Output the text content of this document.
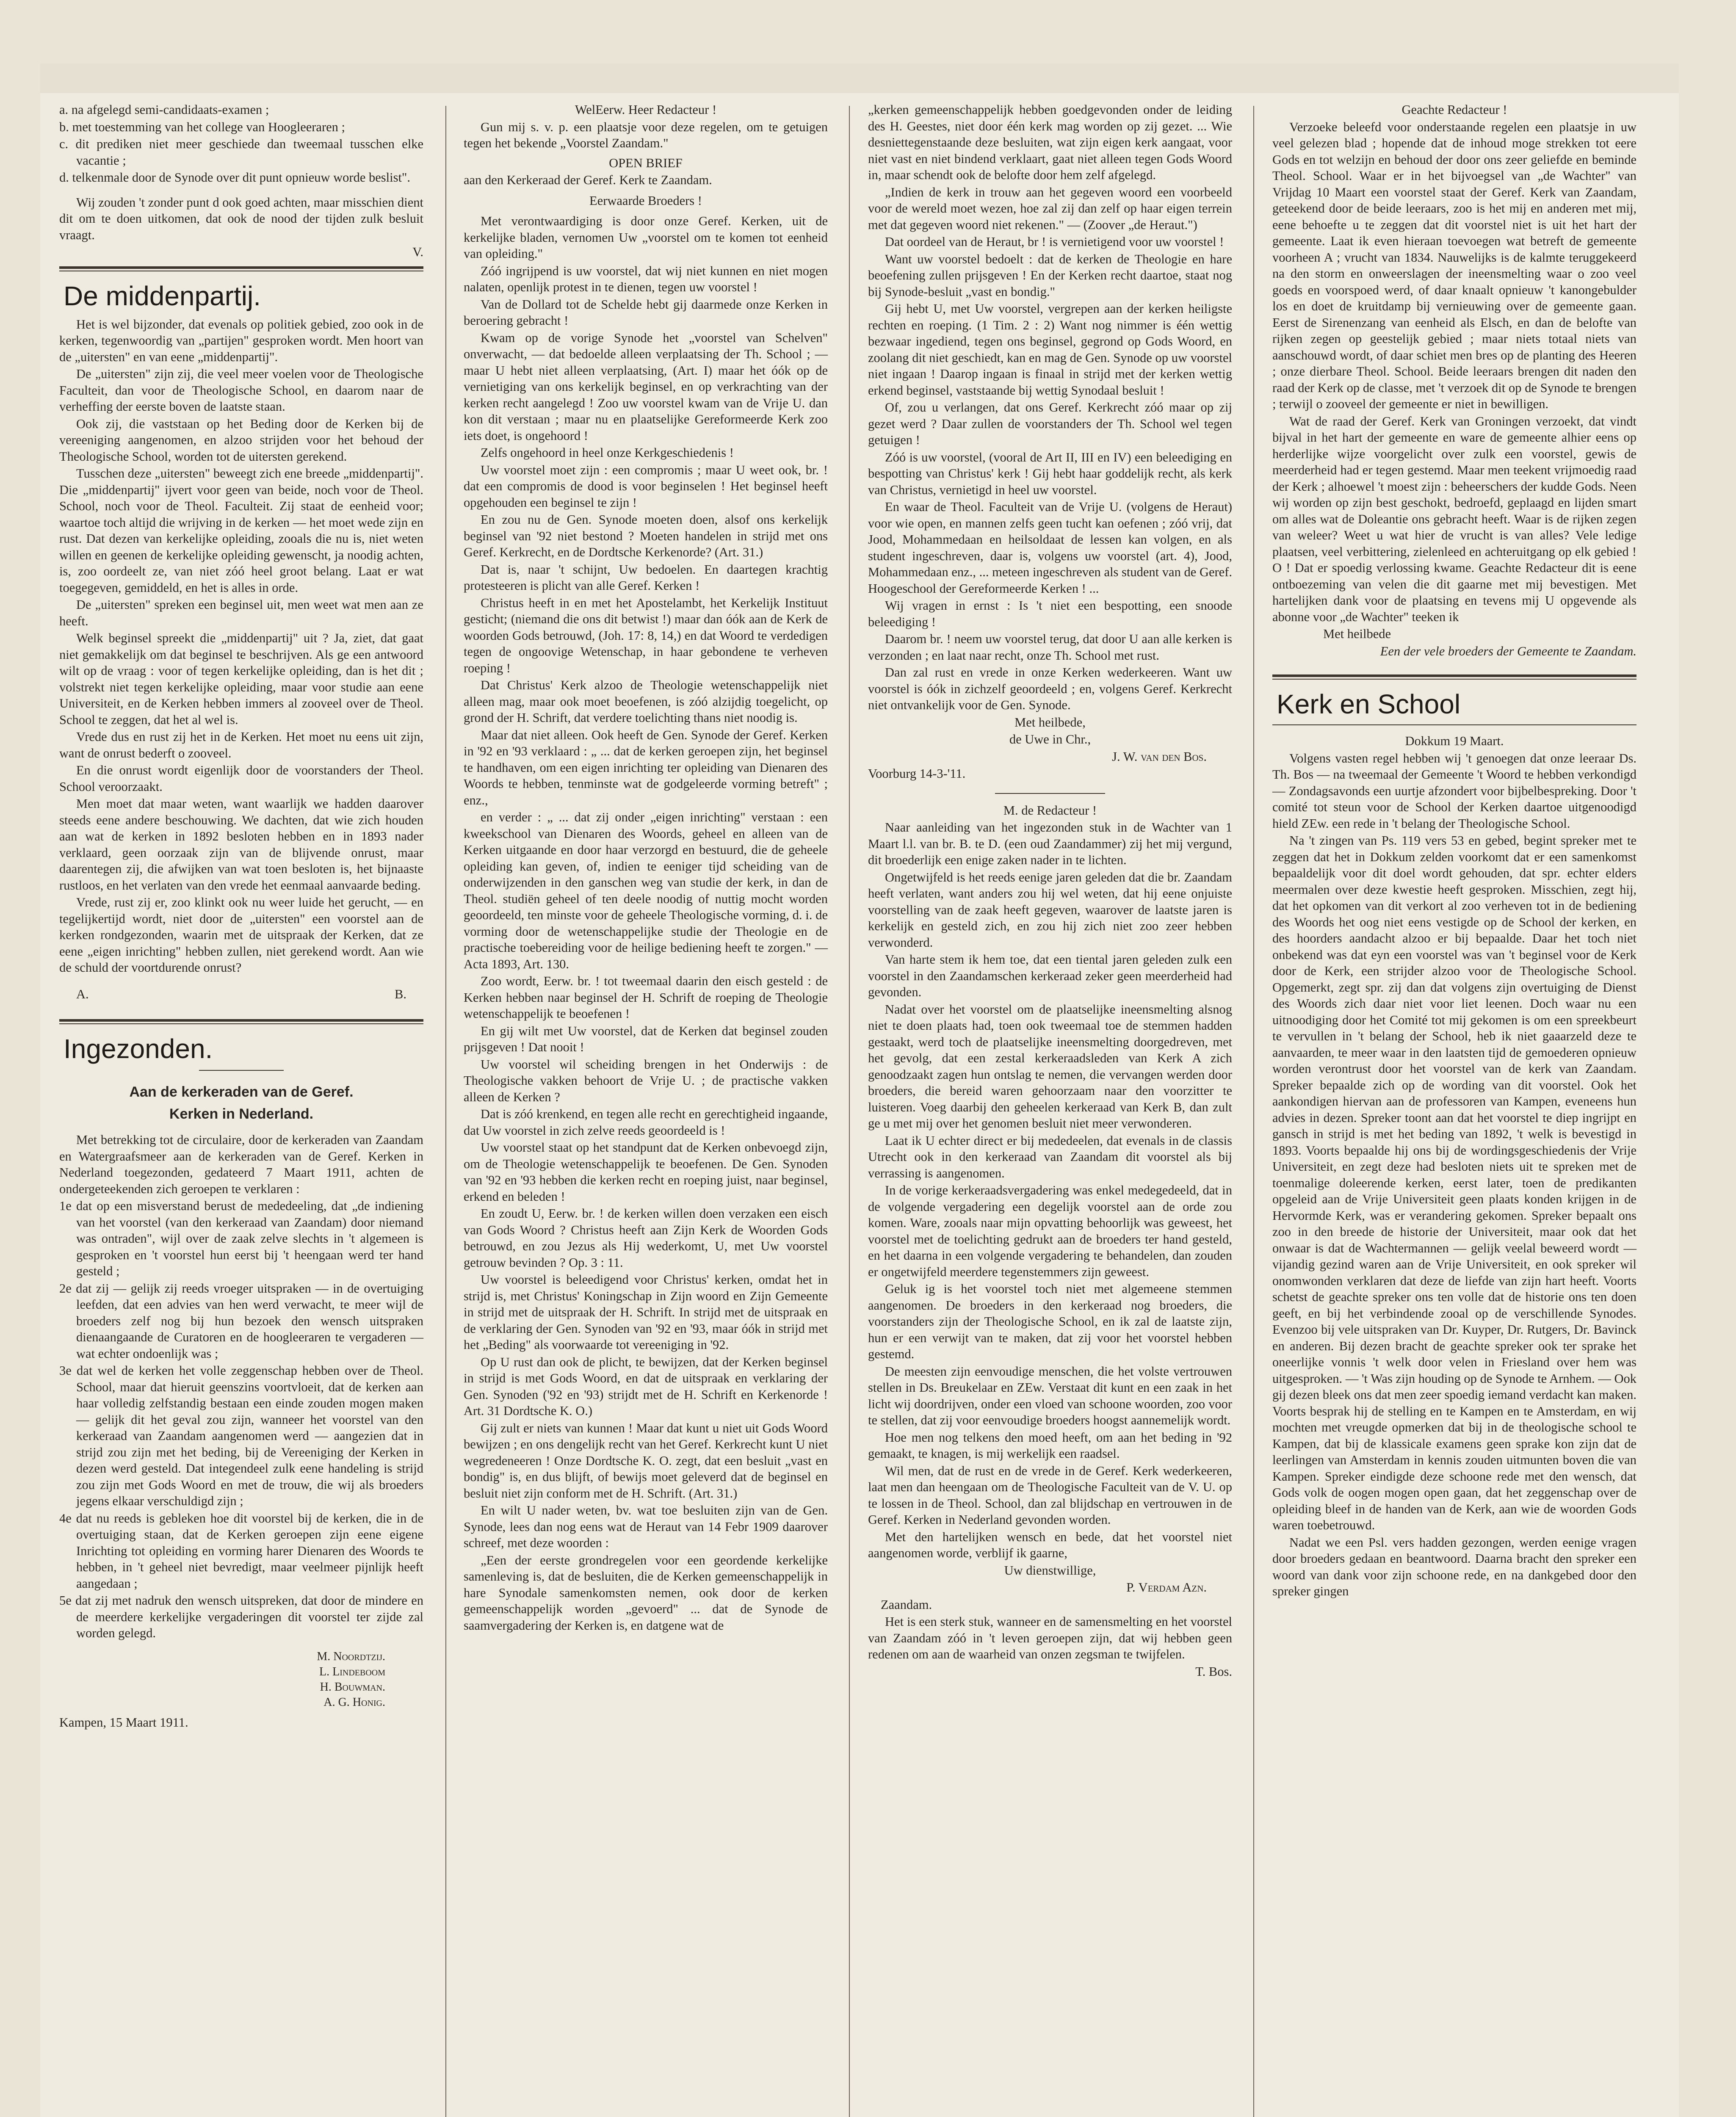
a. na afgelegd semi-candidaats-examen ;

b. met toestemming van het college van Hoogleeraren ;

c. dit prediken niet meer geschiede dan tweemaal tusschen elke vacantie ;

d. telkenmale door de Synode over dit punt opnieuw worde beslist".

Wij zouden 't zonder punt d ook goed achten, maar misschien dient dit om te doen uitkomen, dat ook de nood der tijden zulk besluit vraagt.

V.

De middenpartij.

Het is wel bijzonder, dat evenals op politiek gebied, zoo ook in de kerken, tegenwoordig van „partijen" gesproken wordt. Men hoort van de „uitersten" en van eene „middenpartij".

De „uitersten" zijn zij, die veel meer voelen voor de Theologische Faculteit, dan voor de Theologische School, en daarom naar de verheffing der eerste boven de laatste staan.

Ook zij, die vaststaan op het Beding door de Kerken bij de vereeniging aangenomen, en alzoo strijden voor het behoud der Theologische School, worden tot de uitersten gerekend.

Tusschen deze „uitersten" beweegt zich ene breede „middenpartij". Die „middenpartij" ijvert voor geen van beide, noch voor de Theol. School, noch voor de Theol. Faculteit. Zij staat de eenheid voor; waartoe toch altijd die wrijving in de kerken — het moet wede zijn en rust. Dat dezen van kerkelijke opleiding, zooals die nu is, niet weten willen en geenen de kerkelijke opleiding gewenscht, ja noodig achten, is, zoo oordeelt ze, van niet zóó heel groot belang. Laat er wat toegegeven, gemiddeld, en het is alles in orde.

De „uitersten" spreken een beginsel uit, men weet wat men aan ze heeft.

Welk beginsel spreekt die „middenpartij" uit ? Ja, ziet, dat gaat niet gemakkelijk om dat beginsel te beschrijven. Als ge een antwoord wilt op de vraag : voor of tegen kerkelijke opleiding, dan is het dit ; volstrekt niet tegen kerkelijke opleiding, maar voor studie aan eene Universiteit, en de Kerken hebben immers al zooveel over de Theol. School te zeggen, dat het al wel is.

Vrede dus en rust zij het in de Kerken. Het moet nu eens uit zijn, want de onrust bederft o zooveel.

En die onrust wordt eigenlijk door de voorstanders der Theol. School veroorzaakt.

Men moet dat maar weten, want waarlijk we hadden daarover steeds eene andere beschouwing. We dachten, dat wie zich houden aan wat de kerken in 1892 besloten hebben en in 1893 nader verklaard, geen oorzaak zijn van de blijvende onrust, maar daarentegen zij, die afwijken van wat toen besloten is, het bijnaaste rustloos, en het verlaten van den vrede het eenmaal aanvaarde beding.

Vrede, rust zij er, zoo klinkt ook nu weer luide het gerucht, — en tegelijkertijd wordt, niet door de „uitersten" een voorstel aan de kerken rondgezonden, waarin met de uitspraak der Kerken, dat ze eene „eigen inrichting" hebben zullen, niet gerekend wordt. Aan wie de schuld der voortdurende onrust?

A.	B.
Ingezonden.
Aan de kerkeraden van de Geref.
Kerken in Nederland.

Met betrekking tot de circulaire, door de kerkeraden van Zaandam en Watergraafsmeer aan de kerkeraden van de Geref. Kerken in Nederland toegezonden, gedateerd 7 Maart 1911, achten de ondergeteekenden zich geroepen te verklaren :

1e dat op een misverstand berust de mededeeling, dat „de indiening van het voorstel (van den kerkeraad van Zaandam) door niemand was ontraden", wijl over de zaak zelve slechts in 't algemeen is gesproken en 't voorstel hun eerst bij 't heengaan werd ter hand gesteld ;

2e dat zij — gelijk zij reeds vroeger uitspraken — in de overtuiging leefden, dat een advies van hen werd verwacht, te meer wijl de broeders zelf nog bij hun bezoek den wensch uitspraken dienaangaande de Curatoren en de hoogleeraren te vergaderen — wat echter ondoenlijk was ;

3e dat wel de kerken het volle zeggenschap hebben over de Theol. School, maar dat hieruit geenszins voortvloeit, dat de kerken aan haar volledig zelfstandig bestaan een einde zouden mogen maken — gelijk dit het geval zou zijn, wanneer het voorstel van den kerkeraad van Zaandam aangenomen werd — aangezien dat in strijd zou zijn met het beding, bij de Vereeniging der Kerken in dezen werd gesteld. Dat integendeel zulk eene handeling is strijd zou zijn met Gods Woord en met de trouw, die wij als broeders jegens elkaar verschuldigd zijn ;

4e dat nu reeds is gebleken hoe dit voorstel bij de kerken, die in de overtuiging staan, dat de Kerken geroepen zijn eene eigene Inrichting tot opleiding en vorming harer Dienaren des Woords te hebben, in 't geheel niet bevredigt, maar veelmeer pijnlijk heeft aangedaan ;

5e dat zij met nadruk den wensch uitspreken, dat door de mindere en de meerdere kerkelijke vergaderingen dit voorstel ter zijde zal worden gelegd.

M. Noordtzij.
L. Lindeboom
H. Bouwman.
A. G. Honig.

Kampen, 15 Maart 1911.

WelEerw. Heer Redacteur !

Gun mij s. v. p. een plaatsje voor deze regelen, om te getuigen tegen het bekende „Voorstel Zaandam."

OPEN BRIEF

aan den Kerkeraad der Geref. Kerk te Zaandam.

Eerwaarde Broeders !

Met verontwaardiging is door onze Geref. Kerken, uit de kerkelijke bladen, vernomen Uw „voorstel om te komen tot eenheid van opleiding."

Zóó ingrijpend is uw voorstel, dat wij niet kunnen en niet mogen nalaten, openlijk protest in te dienen, tegen uw voorstel !

Van de Dollard tot de Schelde hebt gij daarmede onze Kerken in beroering gebracht !

Kwam op de vorige Synode het „voorstel van Schelven" onverwacht, — dat bedoelde alleen verplaatsing der Th. School ; — maar U hebt niet alleen verplaatsing, (Art. I) maar het óók op de vernietiging van ons kerkelijk beginsel, en op verkrachting van der kerken recht aangelegd ! Zoo uw voorstel kwam van de Vrije U. dan kon dit verstaan ; maar nu en plaatselijke Gereformeerde Kerk zoo iets doet, is ongehoord !

Zelfs ongehoord in heel onze Kerkgeschiedenis !

Uw voorstel moet zijn : een compromis ; maar U weet ook, br. ! dat een compromis de dood is voor beginselen ! Het beginsel heeft opgehouden een beginsel te zijn !

En zou nu de Gen. Synode moeten doen, alsof ons kerkelijk beginsel van '92 niet bestond ? Moeten handelen in strijd met ons Geref. Kerkrecht, en de Dordtsche Kerkenorde? (Art. 31.)

Dat is, naar 't schijnt, Uw bedoelen. En daartegen krachtig protesteeren is plicht van alle Geref. Kerken !

Christus heeft in en met het Apostelambt, het Kerkelijk Instituut gesticht; (niemand die ons dit betwist !) maar dan óók aan de Kerk de woorden Gods betrouwd, (Joh. 17: 8, 14,) en dat Woord te verdedigen tegen de ongoovige Wetenschap, in haar gebondene te verheven roeping !

Dat Christus' Kerk alzoo de Theologie wetenschappelijk niet alleen mag, maar ook moet beoefenen, is zóó alzijdig toegelicht, op grond der H. Schrift, dat verdere toelichting thans niet noodig is.

Maar dat niet alleen. Ook heeft de Gen. Synode der Geref. Kerken in '92 en '93 verklaard : „ ... dat de kerken geroepen zijn, het beginsel te handhaven, om een eigen inrichting ter opleiding van Dienaren des Woords te hebben, tenminste wat de godgeleerde vorming betreft" ; enz.,

en verder : „ ... dat zij onder „eigen inrichting" verstaan : een kweekschool van Dienaren des Woords, geheel en alleen van de Kerken uitgaande en door haar verzorgd en bestuurd, die de geheele opleiding kan geven, of, indien te eeniger tijd scheiding van de onderwijzenden in den ganschen weg van studie der kerk, in dan de Theol. studiën geheel of ten deele noodig of nuttig mocht worden geoordeeld, ten minste voor de geheele Theologische vorming, d. i. de vorming door de wetenschappelijke studie der Theologie en de practische toebereiding voor de heilige bediening heeft te zorgen." — Acta 1893, Art. 130.

Zoo wordt, Eerw. br. ! tot tweemaal daarin den eisch gesteld : de Kerken hebben naar beginsel der H. Schrift de roeping de Theologie wetenschappelijk te beoefenen !

En gij wilt met Uw voorstel, dat de Kerken dat beginsel zouden prijsgeven ! Dat nooit !

Uw voorstel wil scheiding brengen in het Onderwijs : de Theologische vakken behoort de Vrije U. ; de practische vakken alleen de Kerken ?

Dat is zóó krenkend, en tegen alle recht en gerechtigheid ingaande, dat Uw voorstel in zich zelve reeds geoordeeld is !

Uw voorstel staat op het standpunt dat de Kerken onbevoegd zijn, om de Theologie wetenschappelijk te beoefenen. De Gen. Synoden van '92 en '93 hebben die kerken recht en roeping juist, naar beginsel, erkend en beleden !

En zoudt U, Eerw. br. ! de kerken willen doen verzaken een eisch van Gods Woord ? Christus heeft aan Zijn Kerk de Woorden Gods betrouwd, en zou Jezus als Hij wederkomt, U, met Uw voorstel getrouw bevinden ? Op. 3 : 11.

Uw voorstel is beleedigend voor Christus' kerken, omdat het in strijd is, met Christus' Koningschap in Zijn woord en Zijn Gemeente in strijd met de uitspraak der H. Schrift. In strijd met de uitspraak en de verklaring der Gen. Synoden van '92 en '93, maar óók in strijd met het „Beding" als voorwaarde tot vereeniging in '92.

Op U rust dan ook de plicht, te bewijzen, dat der Kerken beginsel in strijd is met Gods Woord, en dat de uitspraak en verklaring der Gen. Synoden ('92 en '93) strijdt met de H. Schrift en Kerkenorde ! Art. 31 Dordtsche K. O.)

Gij zult er niets van kunnen ! Maar dat kunt u niet uit Gods Woord bewijzen ; en ons dengelijk recht van het Geref. Kerkrecht kunt U niet wegredeneeren ! Onze Dordtsche K. O. zegt, dat een besluit „vast en bondig" is, en dus blijft, of bewijs moet geleverd dat de beginsel en besluit niet zijn conform met de H. Schrift. (Art. 31.)

En wilt U nader weten, bv. wat toe besluiten zijn van de Gen. Synode, lees dan nog eens wat de Heraut van 14 Febr 1909 daarover schreef, met deze woorden :

„Een der eerste grondregelen voor een geordende kerkelijke samenleving is, dat de besluiten, die de Kerken gemeenschappelijk in hare Synodale samenkomsten nemen, ook door de kerken gemeenschappelijk worden „gevoerd" ... dat de Synode de saamvergadering der Kerken is, en datgene wat de

„kerken gemeenschappelijk hebben goedgevonden onder de leiding des H. Geestes, niet door één kerk mag worden op zij gezet. ... Wie desniettegenstaande deze besluiten, wat zijn eigen kerk aangaat, voor niet vast en niet bindend verklaart, gaat niet alleen tegen Gods Woord in, maar schendt ook de belofte door hem zelf afgelegd.

„Indien de kerk in trouw aan het gegeven woord een voorbeeld voor de wereld moet wezen, hoe zal zij dan zelf op haar eigen terrein met dat gegeven woord niet rekenen." — (Zoover „de Heraut.")

Dat oordeel van de Heraut, br ! is vernietigend voor uw voorstel !

Want uw voorstel bedoelt : dat de kerken de Theologie en hare beoefening zullen prijsgeven ! En der Kerken recht daartoe, staat nog bij Synode-besluit „vast en bondig."

Gij hebt U, met Uw voorstel, vergrepen aan der kerken heiligste rechten en roeping. (1 Tim. 2 : 2) Want nog nimmer is één wettig bezwaar ingediend, tegen ons beginsel, gegrond op Gods Woord, en zoolang dit niet geschiedt, kan en mag de Gen. Synode op uw voorstel niet ingaan ! Daarop ingaan is finaal in strijd met der kerken wettig erkend beginsel, vaststaande bij wettig Synodaal besluit !

Of, zou u verlangen, dat ons Geref. Kerkrecht zóó maar op zij gezet werd ? Daar zullen de voorstanders der Th. School wel tegen getuigen !

Zóó is uw voorstel, (vooral de Art II, III en IV) een beleediging en bespotting van Christus' kerk ! Gij hebt haar goddelijk recht, als kerk van Christus, vernietigd in heel uw voorstel.

En waar de Theol. Faculteit van de Vrije U. (volgens de Heraut) voor wie open, en mannen zelfs geen tucht kan oefenen ; zóó vrij, dat Jood, Mohammedaan en heilsoldaat de lessen kan volgen, en als student ingeschreven, daar is, volgens uw voorstel (art. 4), Jood, Mohammedaan enz., ... meteen ingeschreven als student van de Geref. Hoogeschool der Gereformeerde Kerken ! ...

Wij vragen in ernst : Is 't niet een bespotting, een snoode beleediging !

Daarom br. ! neem uw voorstel terug, dat door U aan alle kerken is verzonden ; en laat naar recht, onze Th. School met rust.

Dan zal rust en vrede in onze Kerken wederkeeren. Want uw voorstel is óók in zichzelf geoordeeld ; en, volgens Geref. Kerkrecht niet ontvankelijk voor de Gen. Synode.

Met heilbede,

de Uwe in Chr.,

J. W. van den Bos.

Voorburg 14-3-'11.

M. de Redacteur !

Naar aanleiding van het ingezonden stuk in de Wachter van 1 Maart l.l. van br. B. te D. (een oud Zaandammer) zij het mij vergund, dit broederlijk een enige zaken nader in te lichten.

Ongetwijfeld is het reeds eenige jaren geleden dat die br. Zaandam heeft verlaten, want anders zou hij wel weten, dat hij eene onjuiste voorstelling van de zaak heeft gegeven, waarover de laatste jaren is kerkelijk en gesteld zich, en zou hij zich niet zoo zeer hebben verwonderd.

Van harte stem ik hem toe, dat een tiental jaren geleden zulk een voorstel in den Zaandamschen kerkeraad zeker geen meerderheid had gevonden.

Nadat over het voorstel om de plaatselijke ineensmelting alsnog niet te doen plaats had, toen ook tweemaal toe de stemmen hadden gestaakt, werd toch de plaatselijke ineensmelting doorgedreven, met het gevolg, dat een zestal kerkeraadsleden van Kerk A zich genoodzaakt zagen hun ontslag te nemen, die vervangen werden door broeders, die bereid waren gehoorzaam naar den voorzitter te luisteren. Voeg daarbij den geheelen kerkeraad van Kerk B, dan zult ge u met mij over het genomen besluit niet meer verwonderen.

Laat ik U echter direct er bij mededeelen, dat evenals in de classis Utrecht ook in den kerkeraad van Zaandam dit voorstel als bij verrassing is aangenomen.

In de vorige kerkeraadsvergadering was enkel medegedeeld, dat in de volgende vergadering een degelijk voorstel aan de orde zou komen. Ware, zooals naar mijn opvatting behoorlijk was geweest, het voorstel met de toelichting gedrukt aan de broeders ter hand gesteld, en het daarna in een volgende vergadering te behandelen, dan zouden er ongetwijfeld meerdere tegenstemmers zijn geweest.

Geluk ig is het voorstel toch niet met algemeene stemmen aangenomen. De broeders in den kerkeraad nog broeders, die voorstanders zijn der Theologische School, en ik zal de laatste zijn, hun er een verwijt van te maken, dat zij voor het voorstel hebben gestemd.

De meesten zijn eenvoudige menschen, die het volste vertrouwen stellen in Ds. Breukelaar en ZEw. Verstaat dit kunt en een zaak in het licht wij doordrijven, onder een vloed van schoone woorden, zoo voor te stellen, dat zij voor eenvoudige broeders hoogst aannemelijk wordt.

Hoe men nog telkens den moed heeft, om aan het beding in '92 gemaakt, te knagen, is mij werkelijk een raadsel.

Wil men, dat de rust en de vrede in de Geref. Kerk wederkeeren, laat men dan heengaan om de Theologische Faculteit van de V. U. op te lossen in de Theol. School, dan zal blijdschap en vertrouwen in de Geref. Kerken in Nederland gevonden worden.

Met den hartelijken wensch en bede, dat het voorstel niet aangenomen worde, verblijf ik gaarne,

Uw dienstwillige,

P. Verdam Azn.

Zaandam.

Het is een sterk stuk, wanneer en de samensmelting en het voorstel van Zaandam zóó in 't leven geroepen zijn, dat wij hebben geen redenen om aan de waarheid van onzen zegsman te twijfelen.

T. Bos.

Geachte Redacteur !

Verzoeke beleefd voor onderstaande regelen een plaatsje in uw veel gelezen blad ; hopende dat de inhoud moge strekken tot eere Gods en tot welzijn en behoud der door ons zeer geliefde en beminde Theol. School. Waar er in het bijvoegsel van „de Wachter" van Vrijdag 10 Maart een voorstel staat der Geref. Kerk van Zaandam, geteekend door de beide leeraars, zoo is het mij en anderen met mij, eene behoefte u te zeggen dat dit voorstel niet is uit het hart der gemeente. Laat ik even hieraan toevoegen wat betreft de gemeente voorheen A ; vrucht van 1834. Nauwelijks is de kalmte teruggekeerd na den storm en onweerslagen der ineensmelting waar o zoo veel goeds en voorspoed werd, of daar knaalt opnieuw 't kanongebulder los en doet de kruitdamp bij vernieuwing over de gemeente gaan. Eerst de Sirenenzang van eenheid als Elsch, en dan de belofte van rijken zegen op geestelijk gebied ; maar niets totaal niets van aanschouwd wordt, of daar schiet men bres op de planting des Heeren ; onze dierbare Theol. School. Beide leeraars brengen dit naden den raad der Kerk op de classe, met 't verzoek dit op de Synode te brengen ; terwijl o zooveel der gemeente er niet in bewilligen.

Wat de raad der Geref. Kerk van Groningen verzoekt, dat vindt bijval in het hart der gemeente en ware de gemeente alhier eens op herderlijke wijze voorgelicht over zulk een voorstel, gewis de meerderheid had er tegen gestemd. Maar men teekent vrijmoedig raad der Kerk ; alhoewel 't moest zijn : beheerschers der kudde Gods. Neen wij worden op zijn best geschokt, bedroefd, geplaagd en lijden smart om alles wat de Doleantie ons gebracht heeft. Waar is de rijken zegen van weleer? Weet u wat hier de vrucht is van alles? Vele ledige plaatsen, veel verbittering, zielenleed en achteruitgang op elk gebied ! O ! Dat er spoedig verlossing kwame. Geachte Redacteur dit is eene ontboezeming van velen die dit gaarne met mij bevestigen. Met hartelijken dank voor de plaatsing en tevens mij U opgevende als abonne voor „de Wachter" teeken ik

Met heilbede

Een der vele broeders der Gemeente te Zaandam.

Kerk en School

Dokkum 19 Maart.

Volgens vasten regel hebben wij 't genoegen dat onze leeraar Ds. Th. Bos — na tweemaal der Gemeente 't Woord te hebben verkondigd — Zondagsavonds een uurtje afzondert voor bijbelbespreking. Door 't comité tot steun voor de School der Kerken daartoe uitgenoodigd hield ZEw. een rede in 't belang der Theologische School.

Na 't zingen van Ps. 119 vers 53 en gebed, begint spreker met te zeggen dat het in Dokkum zelden voorkomt dat er een samenkomst bepaaldelijk voor dit doel wordt gehouden, dat spr. echter elders meermalen over deze kwestie heeft gesproken. Misschien, zegt hij, dat het opkomen van dit verkort al zoo verheven tot in de bediening des Woords het oog niet eens vestigde op de School der kerken, en des hoorders aandacht alzoo er bij bepaalde. Daar het toch niet onbekend was dat eyn een voorstel was van 't beginsel voor de Kerk door de Kerk, een strijder alzoo voor de Theologische School. Opgemerkt, zegt spr. zij dan dat volgens zijn overtuiging de Dienst des Woords zich daar niet voor liet leenen. Doch waar nu een uitnoodiging door het Comité tot mij gekomen is om een spreekbeurt te vervullen in 't belang der School, heb ik niet gaaarzeld deze te aanvaarden, te meer waar in den laatsten tijd de gemoederen opnieuw worden verontrust door het voorstel van de kerk van Zaandam. Spreker bepaalde zich op de wording van dit voorstel. Ook het aankondigen hiervan aan de professoren van Kampen, eveneens hun advies in dezen. Spreker toont aan dat het voorstel te diep ingrijpt en gansch in strijd is met het beding van 1892, 't welk is bevestigd in 1893. Voorts bepaalde hij ons bij de wordingsgeschiedenis der Vrije Universiteit, en zegt deze had besloten niets uit te spreken met de toenmalige doleerende kerken, eerst later, toen de predikanten opgeleid aan de Vrije Universiteit geen plaats konden krijgen in de Hervormde Kerk, was er verandering gekomen. Spreker bepaalt ons zoo in den breede de historie der Universiteit, maar ook dat het onwaar is dat de Wachtermannen — gelijk veelal beweerd wordt — vijandig gezind waren aan de Vrije Universiteit, en ook spreker wil onomwonden verklaren dat deze de liefde van zijn hart heeft. Voorts schetst de geachte spreker ons ten volle dat de historie ons ten doen geeft, en bij het verbindende zooal op de verschillende Synodes. Evenzoo bij vele uitspraken van Dr. Kuyper, Dr. Rutgers, Dr. Bavinck en anderen. Bij dezen bracht de geachte spreker ook ter sprake het oneerlijke vonnis 't welk door velen in Friesland over hem was uitgesproken. — 't Was zijn houding op de Synode te Arnhem. — Ook gij dezen bleek ons dat men zeer spoedig iemand verdacht kan maken. Voorts besprak hij de stelling en te Kampen en te Amsterdam, en wij mochten met vreugde opmerken dat bij in de theologische school te Kampen, dat bij de klassicale examens geen sprake kon zijn dat de leerlingen van Amsterdam in kennis zouden uitmunten boven die van Kampen. Spreker eindigde deze schoone rede met den wensch, dat Gods volk de oogen mogen open gaan, dat het zeggenschap over de opleiding bleef in de handen van de Kerk, aan wie de woorden Gods waren toebetrouwd.

Nadat we een Psl. vers hadden gezongen, werden eenige vragen door broeders gedaan en beantwoord. Daarna bracht den spreker een woord van dank voor zijn schoone rede, en na dankgebed door den spreker gingen
